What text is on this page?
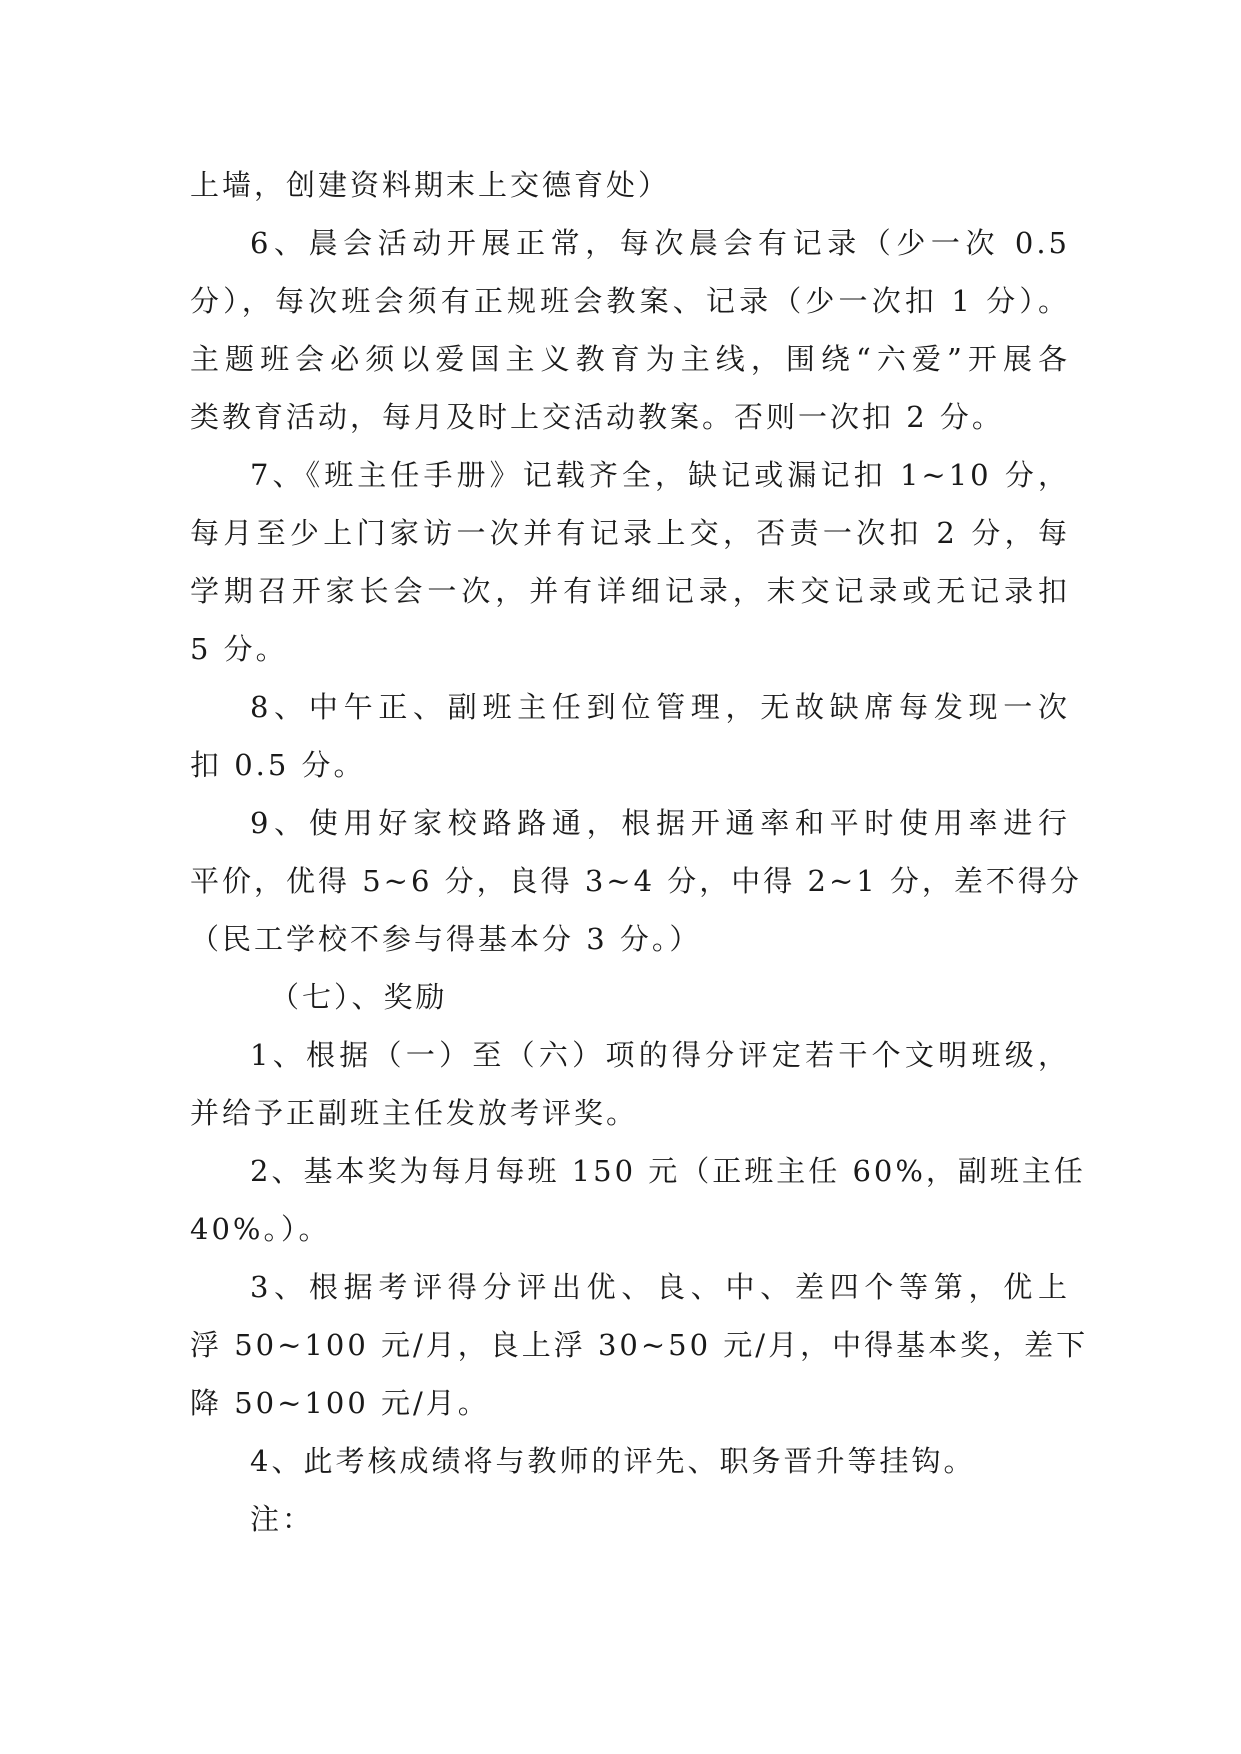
上墙，创建资料期末上交德育处）
6、晨会活动开展正常，每次晨会有记录（少一次 0.5
分），每次班会须有正规班会教案、记录（少一次扣 1 分）。
主题班会必须以爱国主义教育为主线，围绕“六爱”开展各
类教育活动，每月及时上交活动教案。否则一次扣 2 分。
7、《班主任手册》记载齐全，缺记或漏记扣 1~10 分，
每月至少上门家访一次并有记录上交，否责一次扣 2 分，每
学期召开家长会一次，并有详细记录，末交记录或无记录扣
5 分。
8、中午正、副班主任到位管理，无故缺席每发现一次
扣 0.5 分。
9、使用好家校路路通，根据开通率和平时使用率进行
平价，优得 5~6 分，良得 3~4 分，中得 2~1 分，差不得分
（民工学校不参与得基本分 3 分。）
（七）、奖励
1、根据（一）至（六）项的得分评定若干个文明班级，
并给予正副班主任发放考评奖。
2、基本奖为每月每班 150 元（正班主任 60%，副班主任
40%。）。
3、根据考评得分评出优、良、中、差四个等第，优上
浮 50~100 元/月，良上浮 30~50 元/月，中得基本奖，差下
降 50~100 元/月。
4、此考核成绩将与教师的评先、职务晋升等挂钩。
注：
